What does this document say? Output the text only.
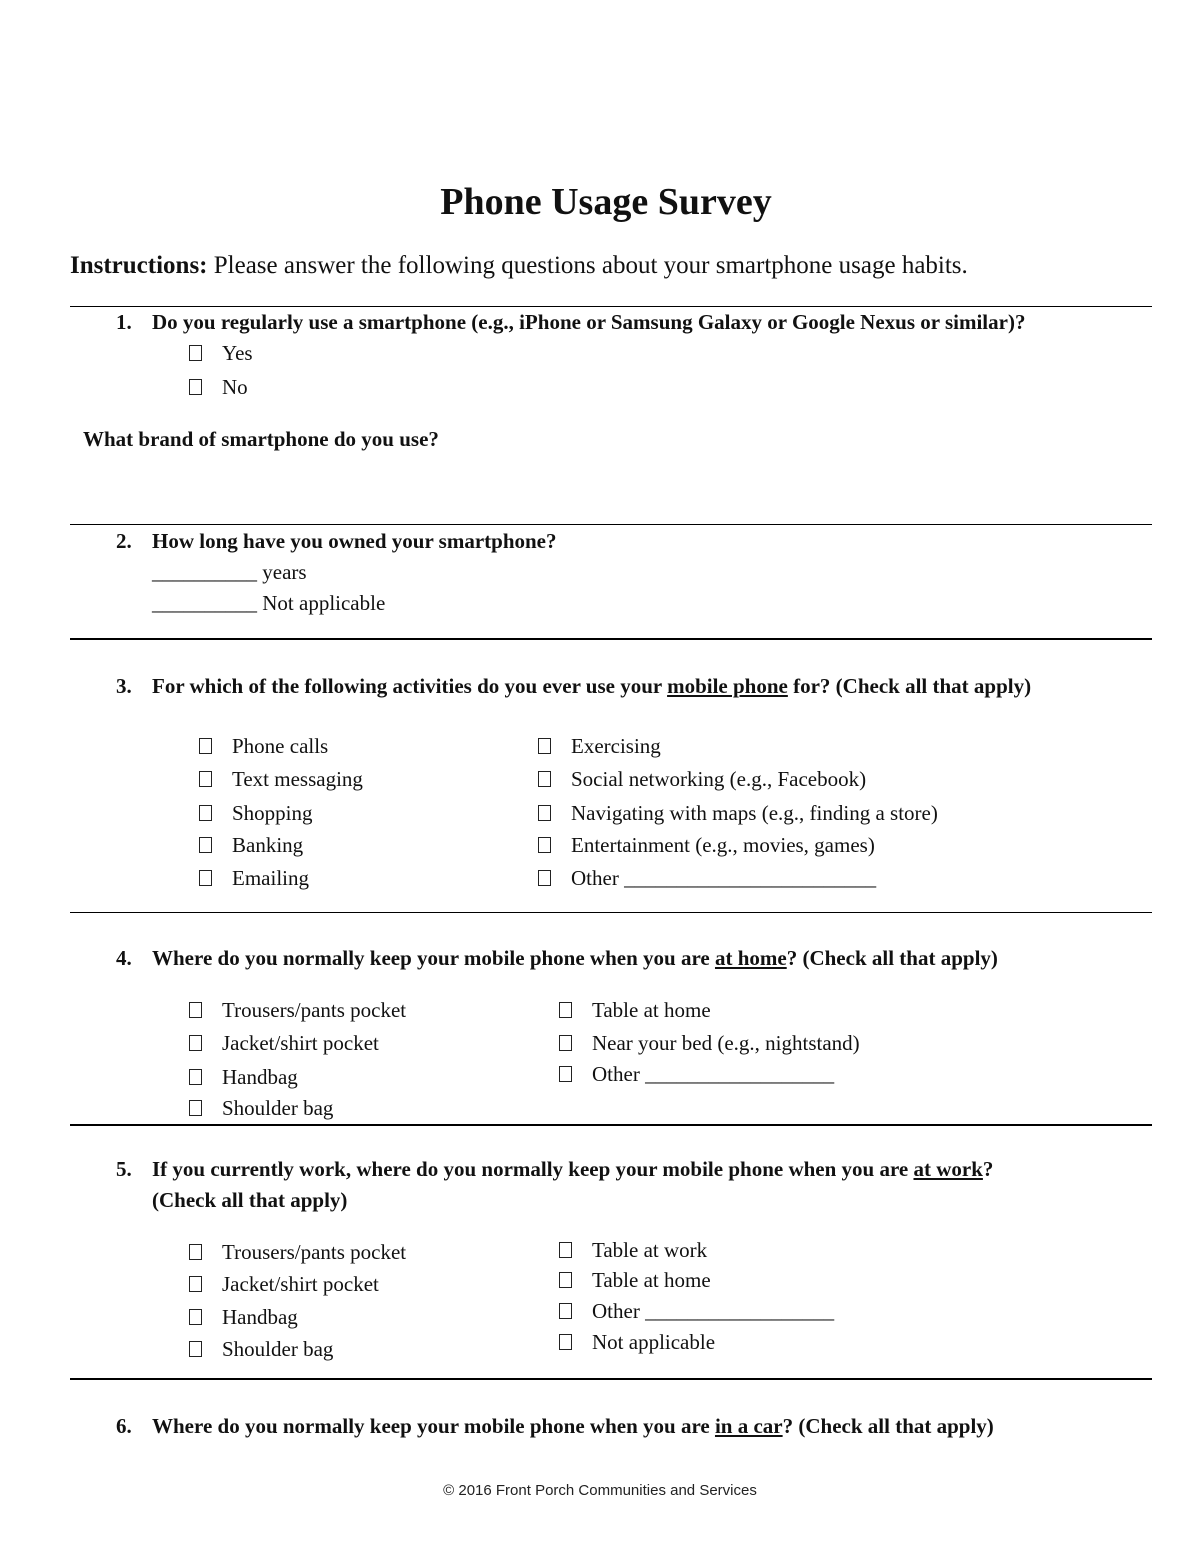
Phone Usage Survey
Instructions: Please answer the following questions about your smartphone usage habits.
1. Do you regularly use a smartphone (e.g., iPhone or Samsung Galaxy or Google Nexus or similar)?
Yes
No
What brand of smartphone do you use?
2. How long have you owned your smartphone?
__________ years
__________ Not applicable
3. For which of the following activities do you ever use your mobile phone for? (Check all that apply)
Phone calls
Text messaging
Shopping
Banking
Emailing
Exercising
Social networking (e.g., Facebook)
Navigating with maps (e.g., finding a store)
Entertainment (e.g., movies, games)
Other ________________________
4. Where do you normally keep your mobile phone when you are at home? (Check all that apply)
Trousers/pants pocket
Jacket/shirt pocket
Handbag
Shoulder bag
Table at home
Near your bed (e.g., nightstand)
Other __________________
5. If you currently work, where do you normally keep your mobile phone when you are at work?
(Check all that apply)
Trousers/pants pocket
Jacket/shirt pocket
Handbag
Shoulder bag
Table at work
Table at home
Other __________________
Not applicable
6. Where do you normally keep your mobile phone when you are in a car? (Check all that apply)
© 2016 Front Porch Communities and Services
